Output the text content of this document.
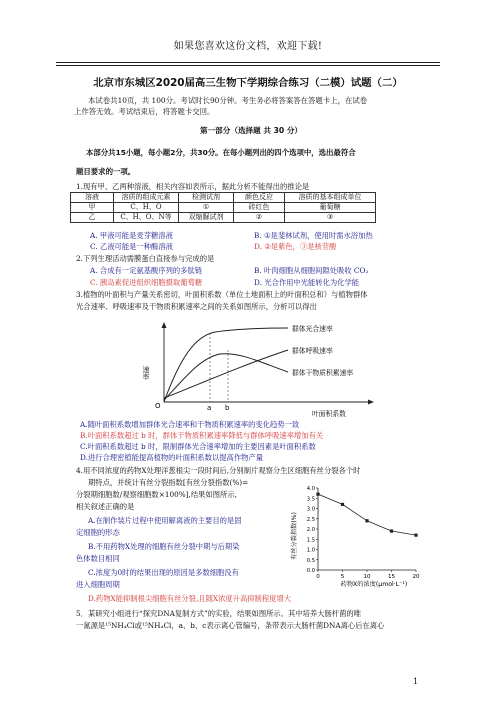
如果您喜欢这份文档，欢迎下载!
北京市东城区2020届高三生物下学期综合练习（二模）试题（二）
本试卷共10页，共 100分。考试时长90分钟。考生务必将答案答在答题卡上，在试卷
上作答无效。考试结束后，将答题卡交回。
第一部分（选择题 共 30 分）
本部分共15小题，每小题2分，共30分。在每小题列出的四个选项中，选出最符合
题目要求的一项。
1.现有甲、乙两种溶液，相关内容如表所示，据此分析不能得出的推论是
溶液	溶质的组成元素	检测试剂	颜色反应	溶质的基本组成单位
甲	C、H、O	①	砖红色	葡萄糖
乙	C、H、O、N等	双缩脲试剂	②	③
A. 甲液可能是麦芽糖溶液	B. ①是斐林试剂，使用时需水浴加热
C. 乙液可能是一种酶溶液	D. ②是紫色，③是核苷酸
2.下列生理活动需膜蛋白直接参与完成的是
A. 合成有一定氨基酸序列的多肽链	B. 叶肉细胞从细胞间隙处吸收 CO₂
C. 胰岛素促进组织细胞摄取葡萄糖	D. 光合作用中光能转化为化学能
3.植物的叶面积与产量关系密切，叶面积系数（单位土地面积上的叶面积总和）与植物群体
光合速率、呼吸速率及干物质积累速率之间的关系如图所示，分析可以得出
速率
O	a b
群体光合速率
群体呼吸速率
群体干物质积累速率
叶面积系数
A.随叶面积系数增加群体光合速率和干物质积累速率的变化趋势一致
B.叶面积系数超过 b 时，群体干物质积累速率降低与群体呼吸速率增加有关
C.叶面积系数超过 b 时，限制群体光合速率增加的主要因素是叶面积系数
D.进行合理密植能提高植物的叶面积系数以提高作物产量
4.用不同浓度的药物X处理洋葱根尖一段时间后,分别制片观察分生区细胞有丝分裂各个时
期特点，并统计有丝分裂指数[有丝分裂指数(%)=
分裂期细胞数/观察细胞数×100%],结果如图所示,
相关叙述正确的是
A.在制作装片过程中使用解离液的主要目的是固
定细胞的形态
B.不用药物X处理的细胞有丝分裂中期与后期染
色体数目相同
C.浓度为0时的结果出现的原因是多数细胞没有
进入细胞周期
D.药物X能抑制根尖细胞有丝分裂,且随X浓度升高抑制程度增大
0.0
0.5
1.0
1.5
2.0
2.5
3.0
3.5
4.0
0	5	10	15	20
有丝分裂指数(%)
药物X的浓度(μmol·L⁻¹)
5．某研究小组进行“探究DNA复制方式”的实验，结果如图所示。其中培养大肠杆菌的唯
一氮源是¹⁵NH₄Cl或¹⁵NH₄Cl，a、b、c表示离心管编号，条带表示大肠杆菌DNA离心后在离心
1
